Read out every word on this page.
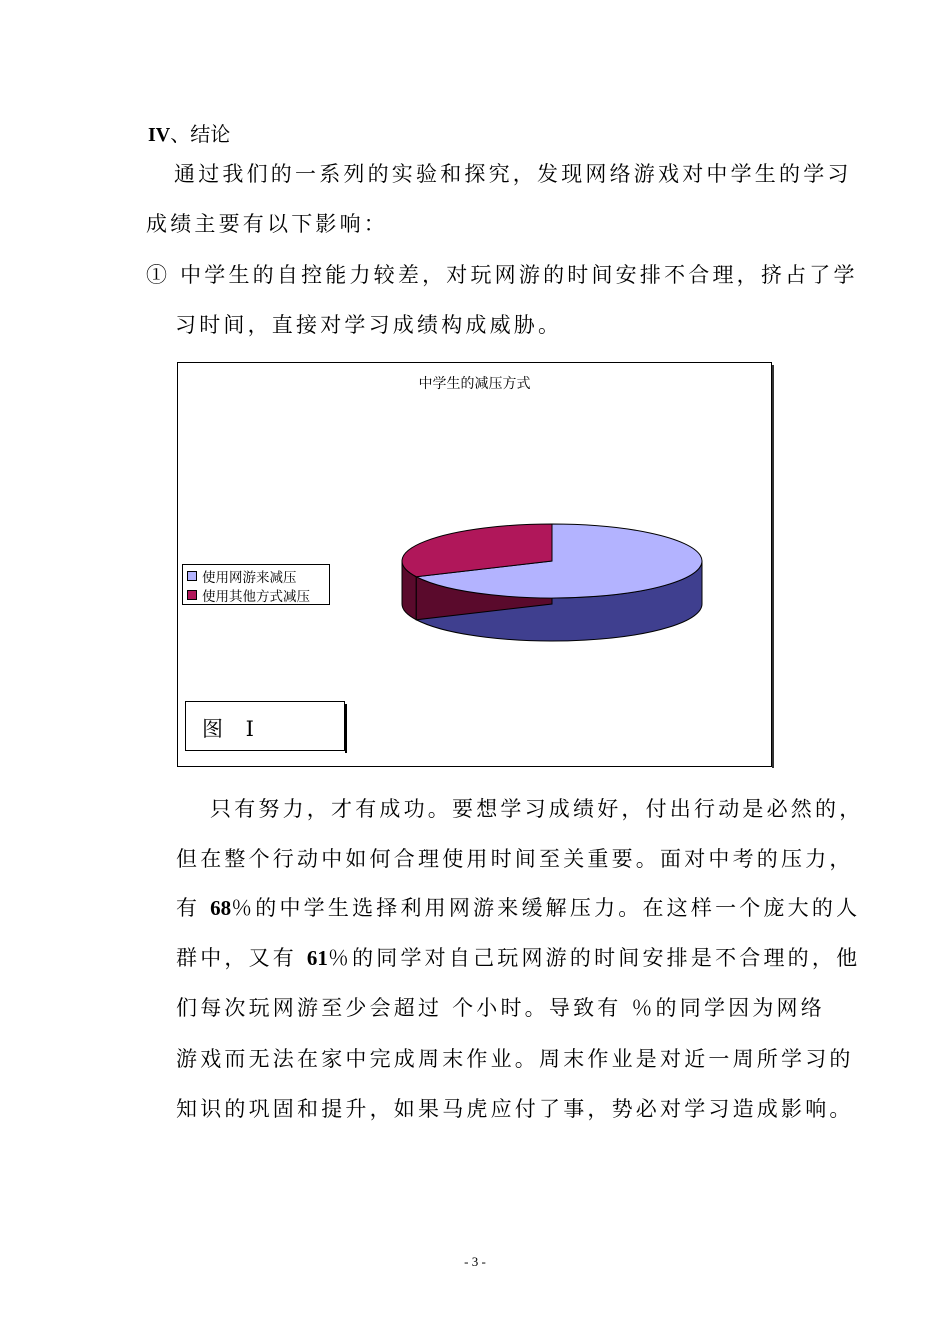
IV、结论
通过我们的一系列的实验和探究，发现网络游戏对中学生的学习
成绩主要有以下影响：
① 中学生的自控能力较差，对玩网游的时间安排不合理，挤占了学
习时间，直接对学习成绩构成威胁。
中学生的减压方式
使用网游来减压
使用其他方式减压
图 I
只有努力，才有成功。要想学习成绩好，付出行动是必然的，
但在整个行动中如何合理使用时间至关重要。面对中考的压力，
有 68％的中学生选择利用网游来缓解压力。在这样一个庞大的人
群中，又有 61％的同学对自己玩网游的时间安排是不合理的，他
们每次玩网游至少会超过 个小时。导致有 ％的同学因为网络
游戏而无法在家中完成周末作业。周末作业是对近一周所学习的
知识的巩固和提升，如果马虎应付了事，势必对学习造成影响。
- 3 -
